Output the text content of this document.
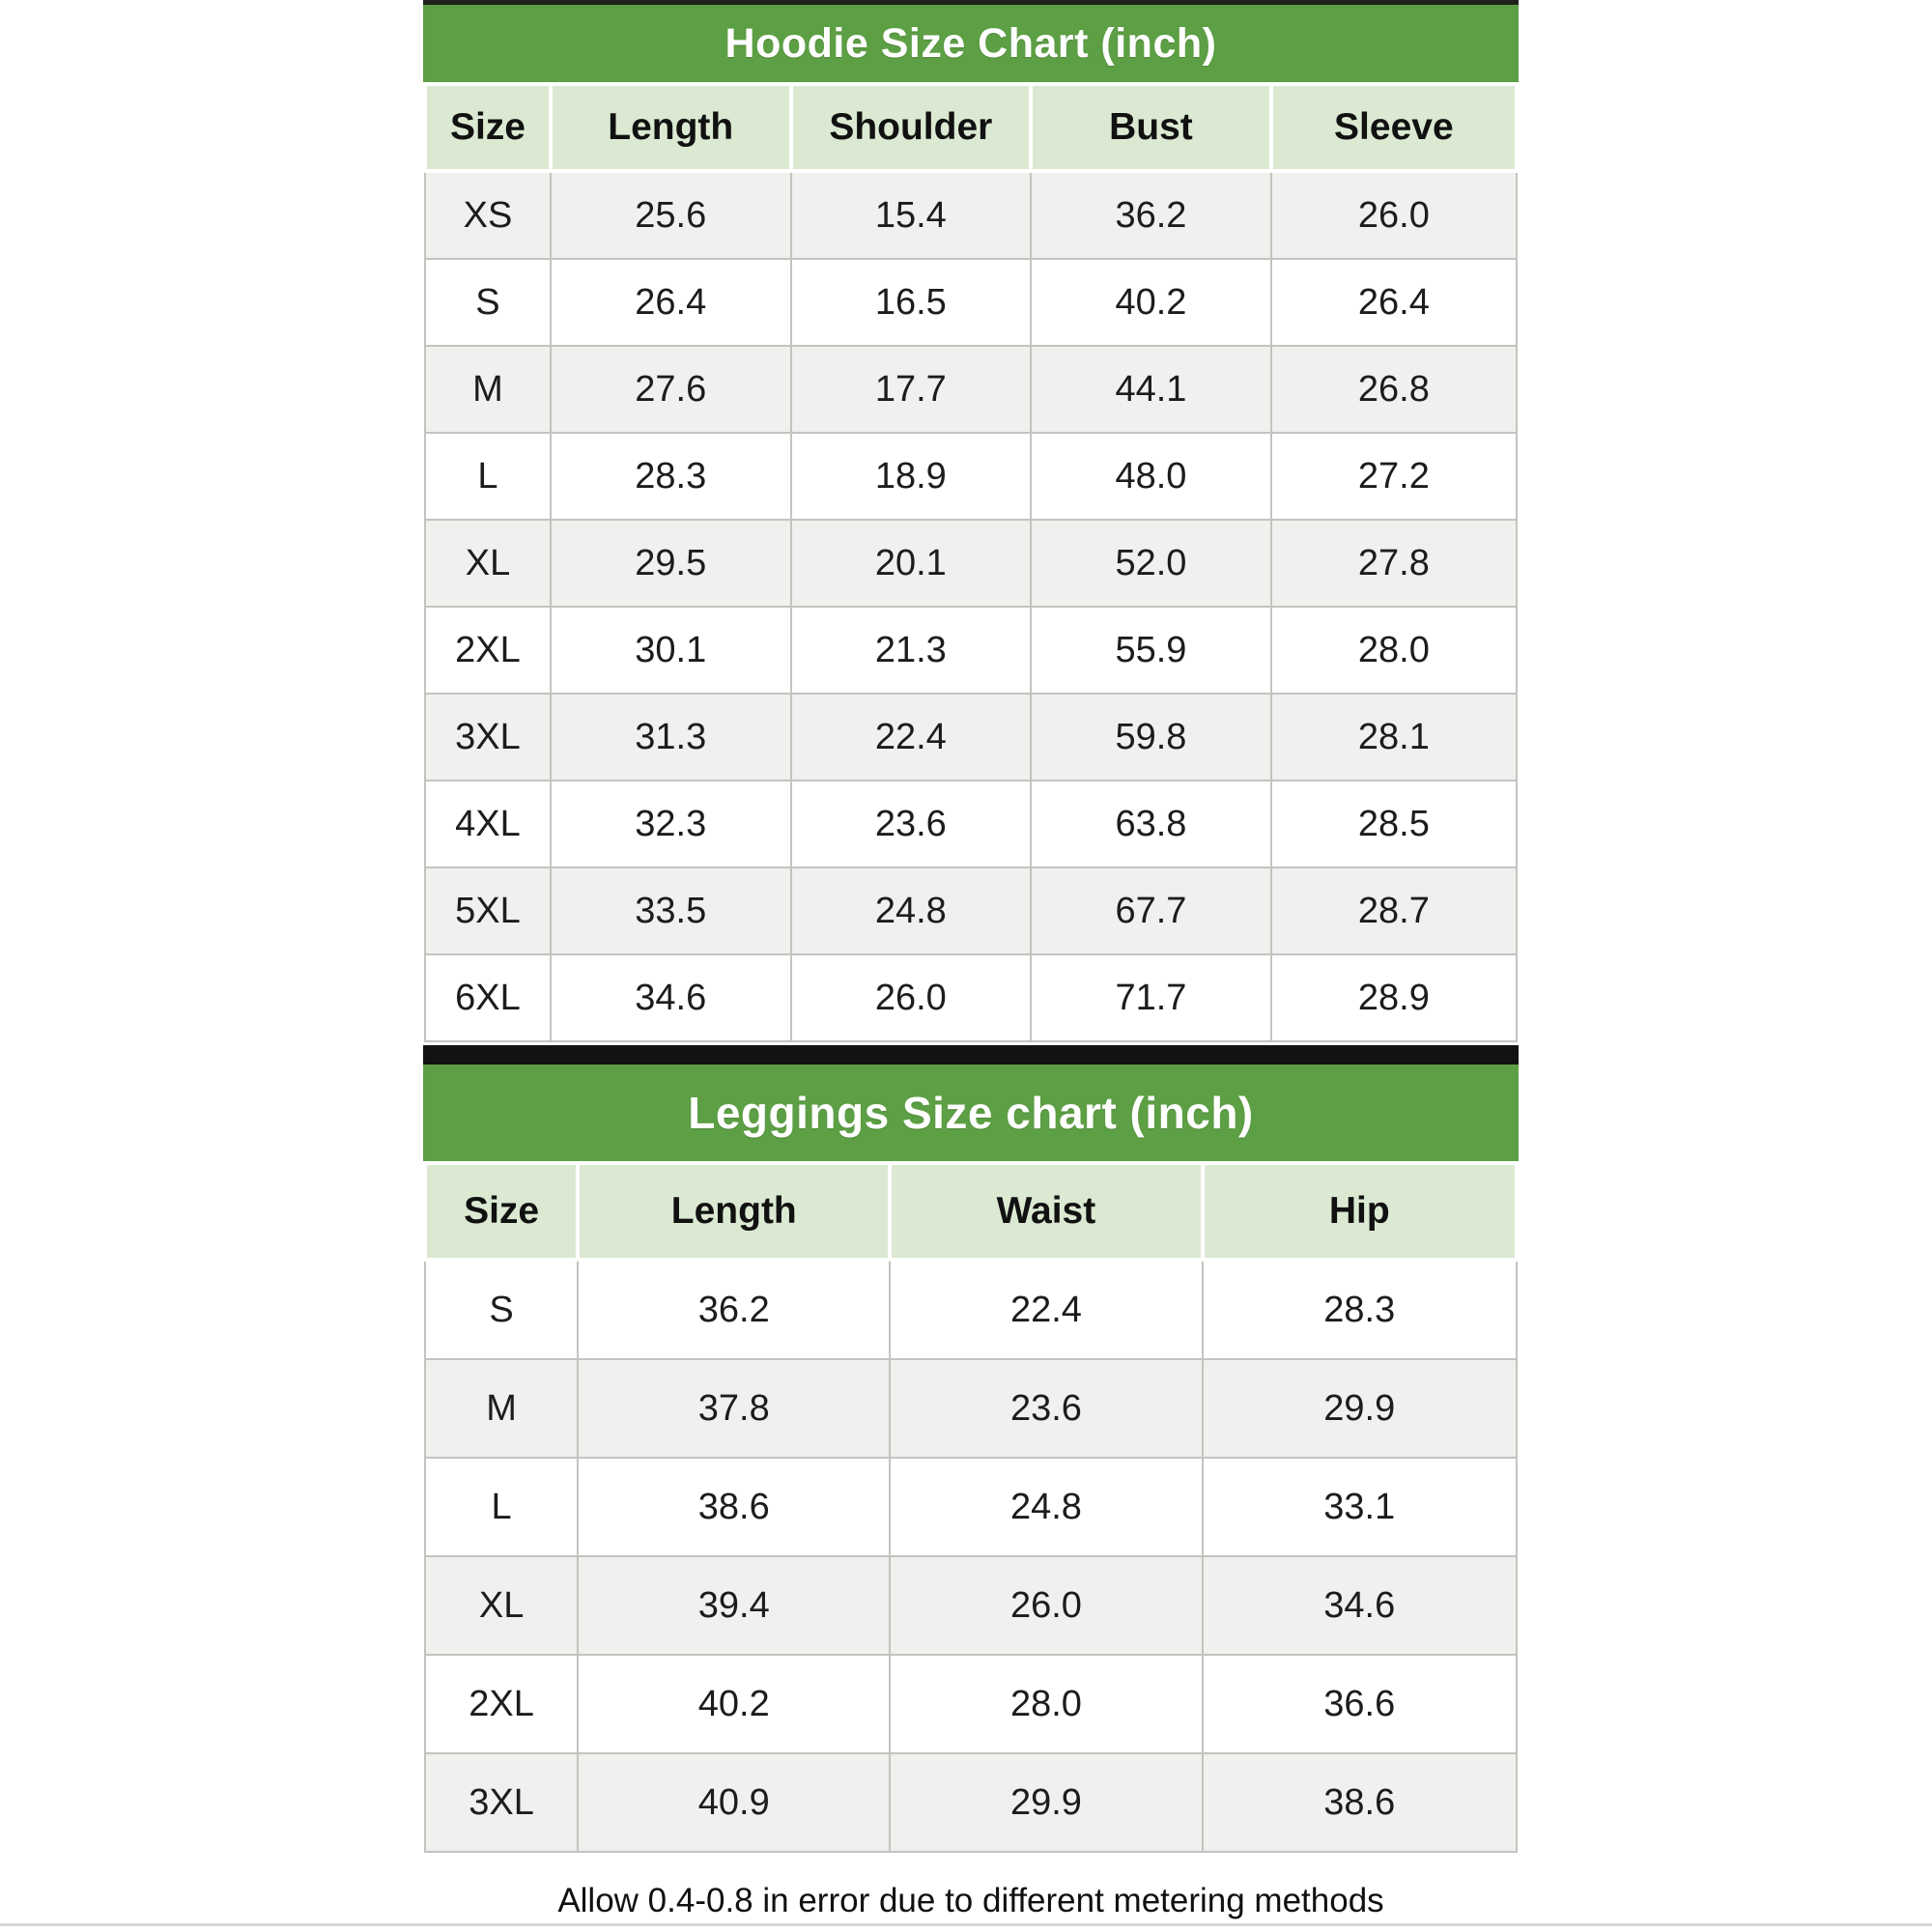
Hoodie Size Chart (inch)
Size	Length	Shoulder	Bust	Sleeve
XS	25.6	15.4	36.2	26.0
S	26.4	16.5	40.2	26.4
M	27.6	17.7	44.1	26.8
L	28.3	18.9	48.0	27.2
XL	29.5	20.1	52.0	27.8
2XL	30.1	21.3	55.9	28.0
3XL	31.3	22.4	59.8	28.1
4XL	32.3	23.6	63.8	28.5
5XL	33.5	24.8	67.7	28.7
6XL	34.6	26.0	71.7	28.9
Leggings Size chart (inch)
Size	Length	Waist	Hip
S	36.2	22.4	28.3
M	37.8	23.6	29.9
L	38.6	24.8	33.1
XL	39.4	26.0	34.6
2XL	40.2	28.0	36.6
3XL	40.9	29.9	38.6
Allow 0.4-0.8 in error due to different metering methods
